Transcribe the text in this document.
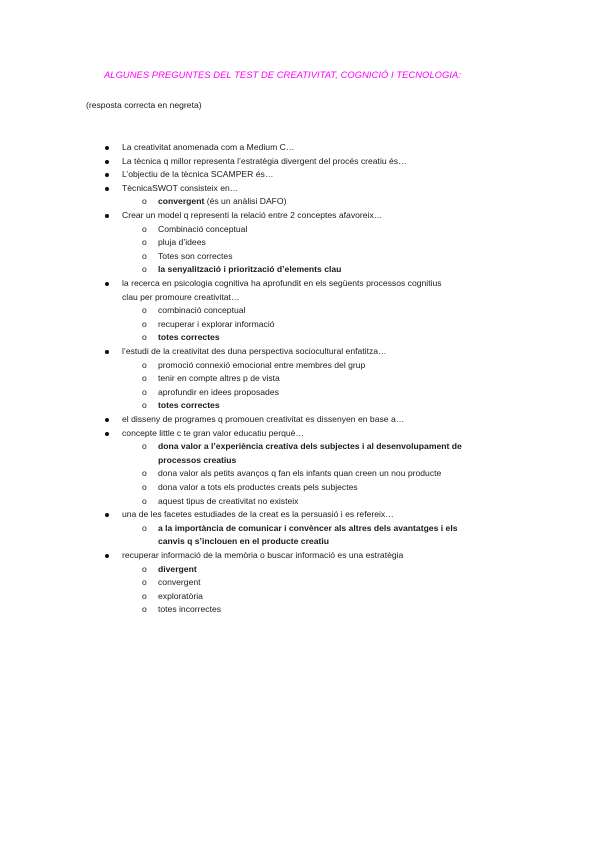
ALGUNES PREGUNTES DEL TEST DE CREATIVITAT, COGNICIÓ I TECNOLOGIA:
(resposta correcta en negreta)
La creativitat anomenada com a Medium C…
La tècnica q millor representa l’estratègia divergent del procés creatiu és…
L’objectiu de la tècnica SCAMPER és…
TècnicaSWOT consisteix en…
o convergent (és un anàlisi DAFO)
Crear un model q representi la relació entre 2 conceptes afavoreix…
o Combinació conceptual
o pluja d’idees
o Totes son correctes
o la senyalització i priorització d’elements clau
la recerca en psicologia cognitiva ha aprofundit en els següents processos cognitius
clau per promoure creativitat…
o combinació conceptual
o recuperar i explorar informació
o totes correctes
l’estudi de la creativitat des duna perspectiva sociocultural enfatitza…
o promoció connexió emocional entre membres del grup
o tenir en compte altres p de vista
o aprofundir en idees proposades
o totes correctes
el disseny de programes q promouen creativitat es dissenyen en base a…
concepte little c te gran valor educatiu perquè…
o dona valor a l’experiència creativa dels subjectes i al desenvolupament de
processos creatius
o dona valor als petits avanços q fan els infants quan creen un nou producte
o dona valor a tots els productes creats pels subjectes
o aquest tipus de creativitat no existeix
una de les facetes estudiades de la creat es la persuasió i es refereix…
o a la importància de comunicar i convèncer als altres dels avantatges i els
canvis q s’inclouen en el producte creatiu
recuperar informació de la memòria o buscar informació es una estratègia
o divergent
o convergent
o exploratòria
o totes incorrectes
